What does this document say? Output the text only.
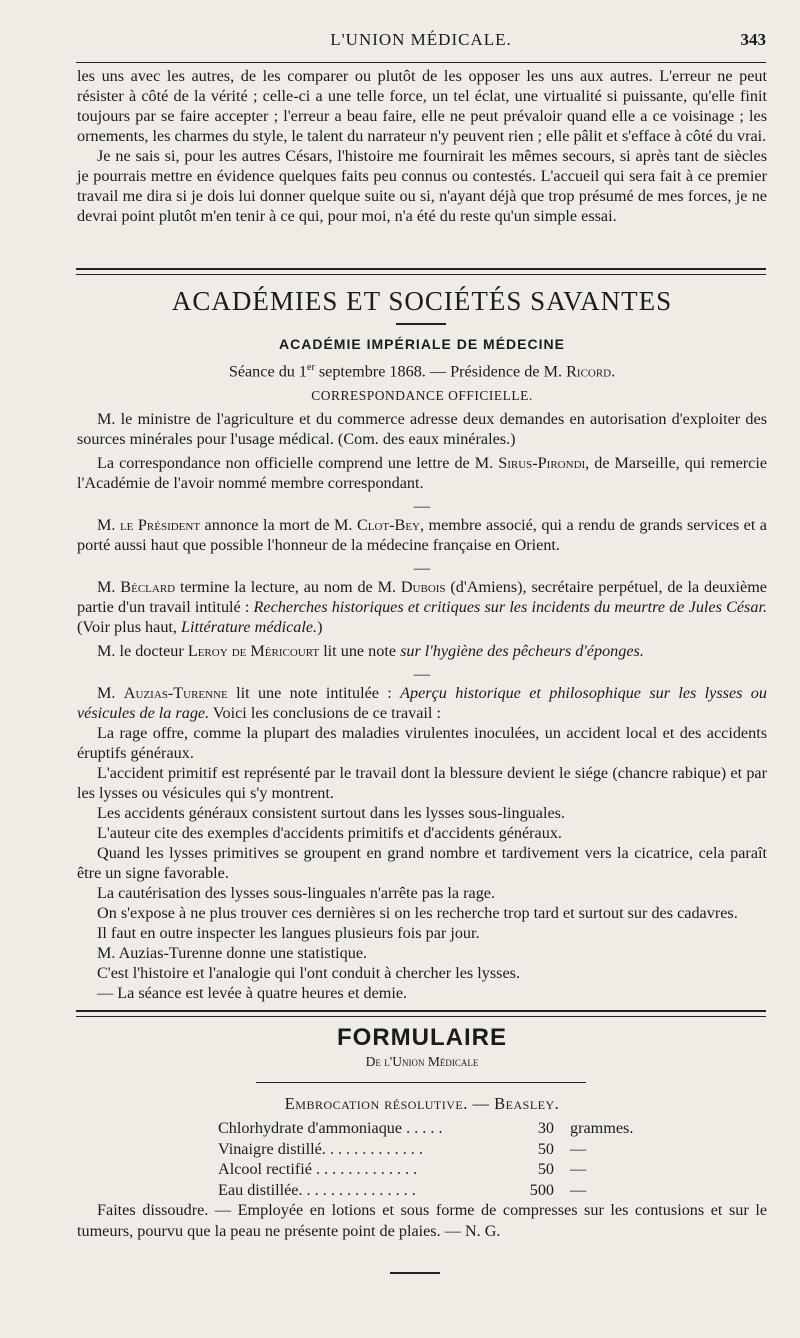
L'UNION MÉDICALE.	343

les uns avec les autres, de les comparer ou plutôt de les opposer les uns aux autres. L'erreur ne peut résister à côté de la vérité ; celle-ci a une telle force, un tel éclat, une virtualité si puissante, qu'elle finit toujours par se faire accepter ; l'erreur a beau faire, elle ne peut prévaloir quand elle a ce voisinage ; les ornements, les charmes du style, le talent du narrateur n'y peuvent rien ; elle pâlit et s'efface à côté du vrai.

Je ne sais si, pour les autres Césars, l'histoire me fournirait les mêmes secours, si après tant de siècles je pourrais mettre en évidence quelques faits peu connus ou contestés. L'accueil qui sera fait à ce premier travail me dira si je dois lui donner quelque suite ou si, n'ayant déjà que trop présumé de mes forces, je ne devrai point plutôt m'en tenir à ce qui, pour moi, n'a été du reste qu'un simple essai.

ACADÉMIES ET SOCIÉTÉS SAVANTES

ACADÉMIE IMPÉRIALE DE MÉDECINE

Séance du 1er septembre 1868. — Présidence de M. Ricord.

CORRESPONDANCE OFFICIELLE.

M. le ministre de l'agriculture et du commerce adresse deux demandes en autorisation d'exploiter des sources minérales pour l'usage médical. (Com. des eaux minérales.)

La correspondance non officielle comprend une lettre de M. Sirus-Pirondi, de Marseille, qui remercie l'Académie de l'avoir nommé membre correspondant.

—

M. le Président annonce la mort de M. Clot-Bey, membre associé, qui a rendu de grands services et a porté aussi haut que possible l'honneur de la médecine française en Orient.

—

M. Béclard termine la lecture, au nom de M. Dubois (d'Amiens), secrétaire perpétuel, de la deuxième partie d'un travail intitulé : Recherches historiques et critiques sur les incidents du meurtre de Jules César. (Voir plus haut, Littérature médicale.)

M. le docteur Leroy de Méricourt lit une note sur l'hygiène des pêcheurs d'éponges.

—

M. Auzias-Turenne lit une note intitulée : Aperçu historique et philosophique sur les lysses ou vésicules de la rage. Voici les conclusions de ce travail :

La rage offre, comme la plupart des maladies virulentes inoculées, un accident local et des accidents éruptifs généraux.

L'accident primitif est représenté par le travail dont la blessure devient le siége (chancre rabique) et par les lysses ou vésicules qui s'y montrent.

Les accidents généraux consistent surtout dans les lysses sous-linguales.

L'auteur cite des exemples d'accidents primitifs et d'accidents généraux.

Quand les lysses primitives se groupent en grand nombre et tardivement vers la cicatrice, cela paraît être un signe favorable.

La cautérisation des lysses sous-linguales n'arrête pas la rage.

On s'expose à ne plus trouver ces dernières si on les recherche trop tard et surtout sur des cadavres.

Il faut en outre inspecter les langues plusieurs fois par jour.

M. Auzias-Turenne donne une statistique.

C'est l'histoire et l'analogie qui l'ont conduit à chercher les lysses.

— La séance est levée à quatre heures et demie.

FORMULAIRE
De l'Union Médicale
Embrocation résolutive. — Beasley.
Chlorhydrate d'ammoniaque . . . . .	30 grammes.
Vinaigre distillé. . . . . . . . . . . . .	50 —
Alcool rectifié . . . . . . . . . . . . .	50 —
Eau distillée. . . . . . . . . . . . . . .	500 —
Faites dissoudre. — Employée en lotions et sous forme de compresses sur les contusions et sur le tumeurs, pourvu que la peau ne présente point de plaies. — N. G.
